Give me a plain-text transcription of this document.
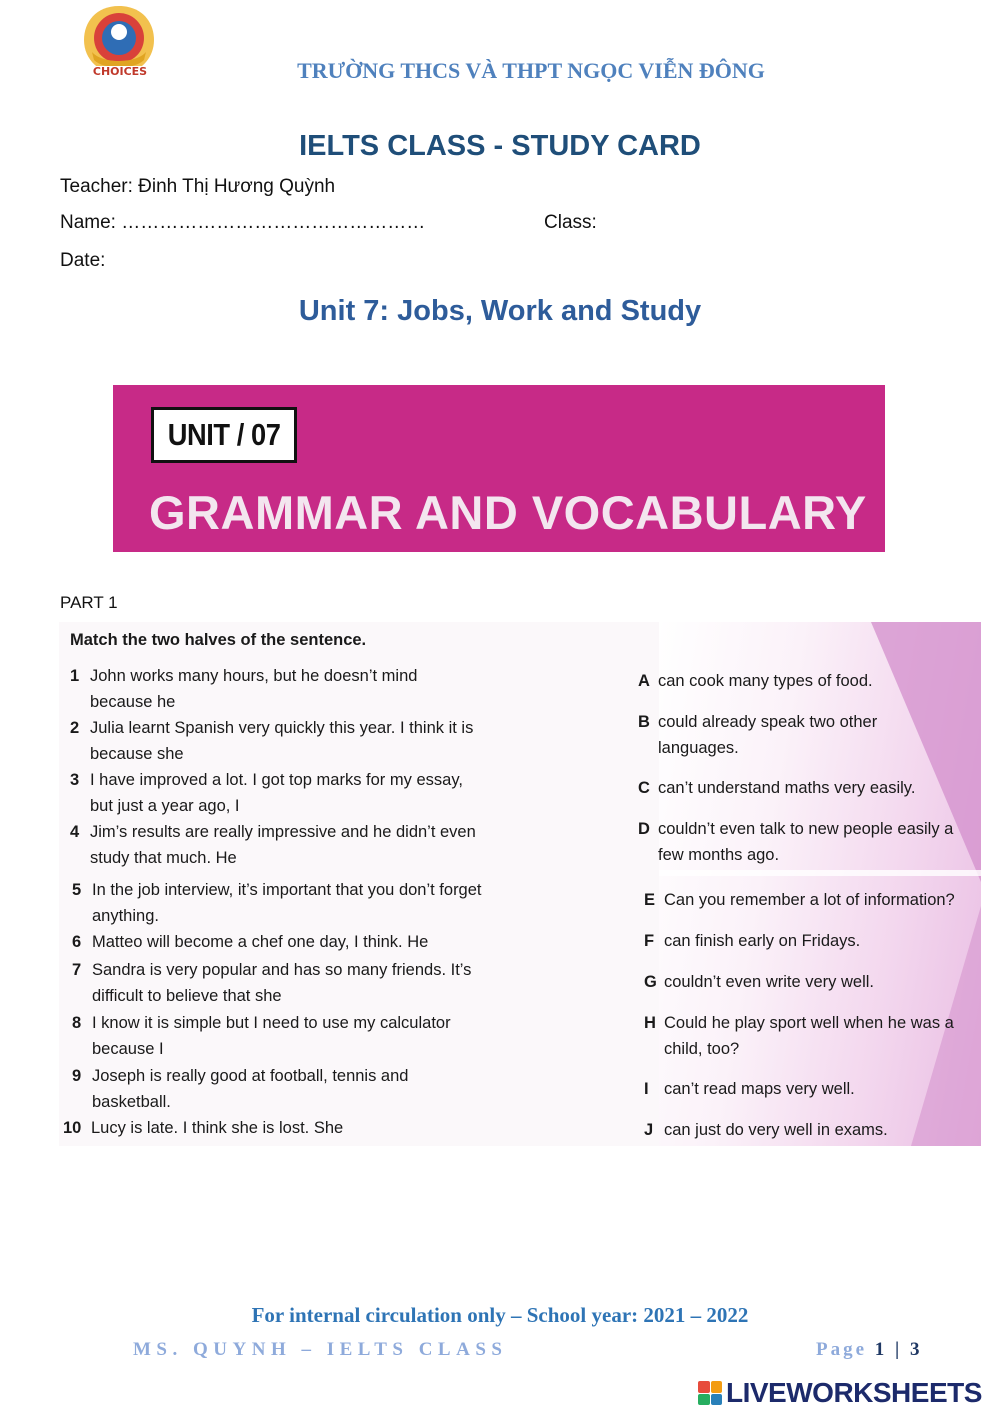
CHOICES	TRƯỜNG THCS VÀ THPT NGỌC VIỄN ĐÔNG
IELTS CLASS - STUDY CARD
Teacher: Đinh Thị Hương Quỳnh
Name: …………………………………………	Class:
Date:
Unit 7: Jobs, Work and Study
UNIT / 07
GRAMMAR AND VOCABULARY
PART 1
Match the two halves of the sentence.
1 John works many hours, but he doesn’t mind because he
2 Julia learnt Spanish very quickly this year. I think it is because she
3 I have improved a lot. I got top marks for my essay, but just a year ago, I
4 Jim’s results are really impressive and he didn’t even study that much. He
5 In the job interview, it’s important that you don’t forget anything.
6 Matteo will become a chef one day, I think. He
7 Sandra is very popular and has so many friends. It’s difficult to believe that she
8 I know it is simple but I need to use my calculator because I
9 Joseph is really good at football, tennis and basketball.
10 Lucy is late. I think she is lost. She
A can cook many types of food.
B could already speak two other languages.
C can’t understand maths very easily.
D couldn’t even talk to new people easily a few months ago.
E Can you remember a lot of information?
F can finish early on Fridays.
G couldn’t even write very well.
H Could he play sport well when he was a child, too?
I can’t read maps very well.
J can just do very well in exams.
For internal circulation only – School year: 2021 – 2022
MS. QUYNH – IELTS CLASS	Page 1 | 3
LIVEWORKSHEETS
